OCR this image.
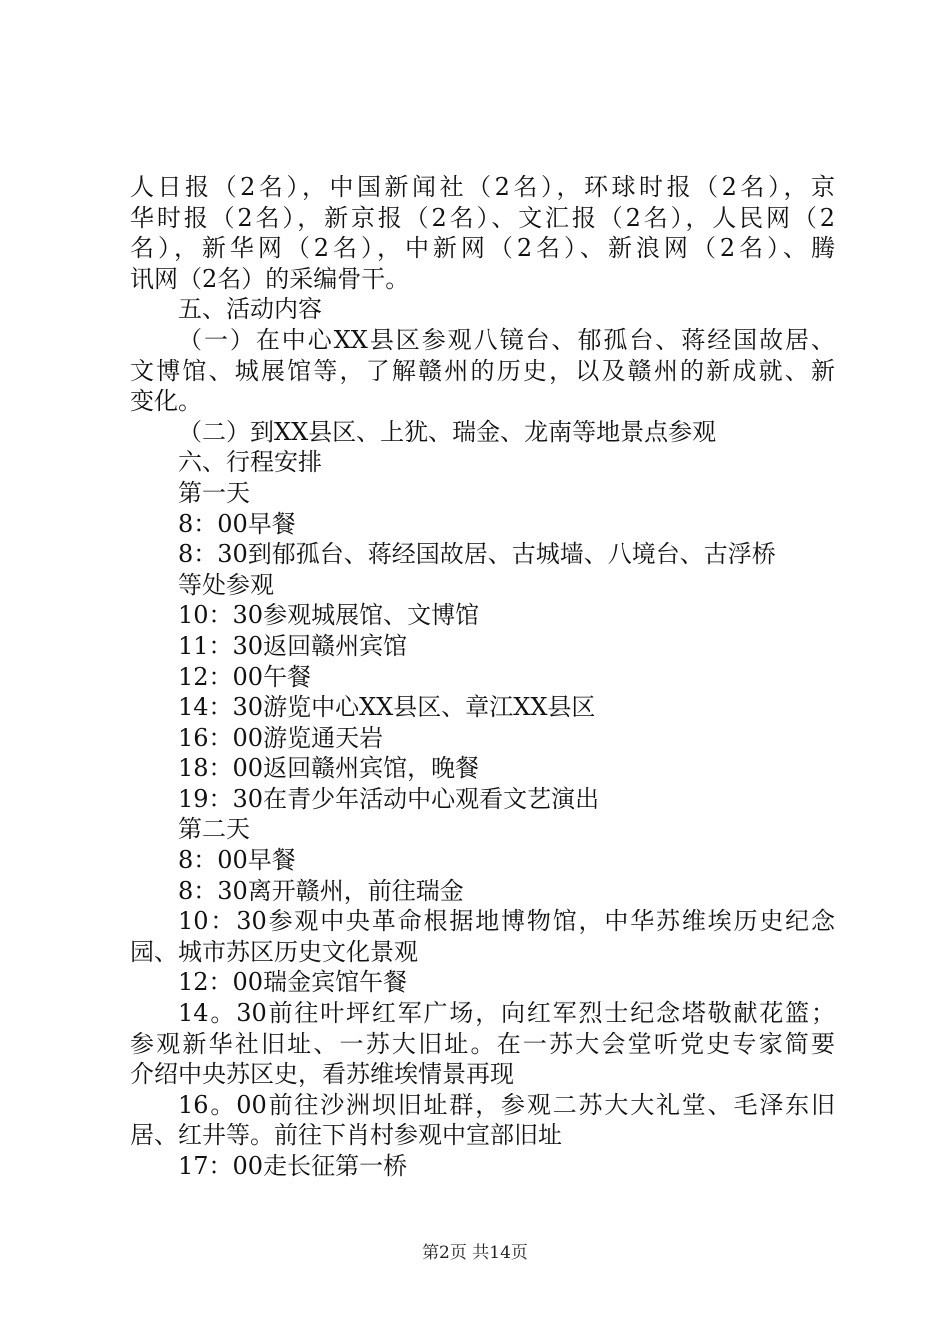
人日报（2名），中国新闻社（2名），环球时报（2名），京
华时报（2名），新京报（2名）、文汇报（2名），人民网（2
名），新华网（2名），中新网（2名）、新浪网（2名）、腾
讯网（2名）的采编骨干。
五、活动内容
（一）在中心XX县区参观八镜台、郁孤台、蒋经国故居、
文博馆、城展馆等，了解赣州的历史，以及赣州的新成就、新
变化。
（二）到XX县区、上犹、瑞金、龙南等地景点参观
六、行程安排
第一天
8：00早餐
8：30到郁孤台、蒋经国故居、古城墙、八境台、古浮桥
等处参观
10：30参观城展馆、文博馆
11：30返回赣州宾馆
12：00午餐
14：30游览中心XX县区、章江XX县区
16：00游览通天岩
18：00返回赣州宾馆，晚餐
19：30在青少年活动中心观看文艺演出
第二天
8：00早餐
8：30离开赣州，前往瑞金
10：30参观中央革命根据地博物馆，中华苏维埃历史纪念
园、城市苏区历史文化景观
12：00瑞金宾馆午餐
14。30前往叶坪红军广场，向红军烈士纪念塔敬献花篮；
参观新华社旧址、一苏大旧址。在一苏大会堂听党史专家简要
介绍中央苏区史，看苏维埃情景再现
16。00前往沙洲坝旧址群，参观二苏大大礼堂、毛泽东旧
居、红井等。前往下肖村参观中宣部旧址
17：00走长征第一桥
第2页 共14页
